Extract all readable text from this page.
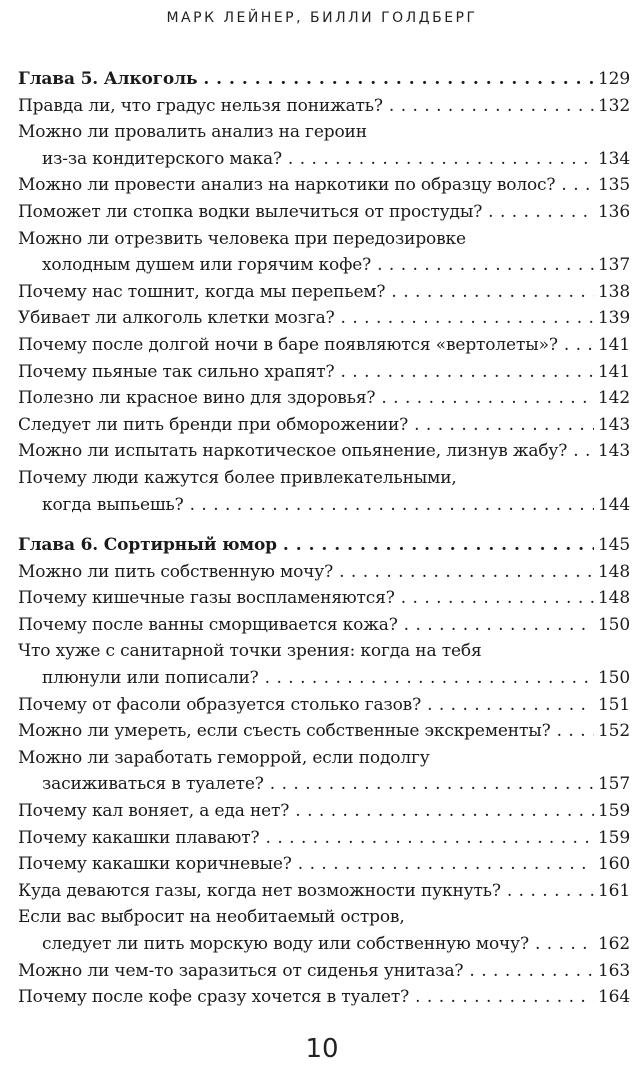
МАРК ЛЕЙНЕР, БИЛЛИ ГОЛДБЕРГ
Глава 5. Алкоголь . . .	129
Правда ли, что градус нельзя понижать? . . .	132
Можно ли провалить анализ на героин
из-за кондитерского мака? . . .	134
Можно ли провести анализ на наркотики по образцу волос? . . .	135
Поможет ли стопка водки вылечиться от простуды? . . .	136
Можно ли отрезвить человека при передозировке
холодным душем или горячим кофе? . . .	137
Почему нас тошнит, когда мы перепьем? . . .	138
Убивает ли алкоголь клетки мозга? . . .	139
Почему после долгой ночи в баре появляются «вертолеты»? . . . 141
Почему пьяные так сильно храпят? . . .	141
Полезно ли красное вино для здоровья? . . .	142
Следует ли пить бренди при обморожении? . . .	143
Можно ли испытать наркотическое опьянение, лизнув жабу? . . . 143
Почему люди кажутся более привлекательными,
когда выпьешь? . . .	144
Глава 6. Сортирный юмор . . .	145
Можно ли пить собственную мочу? . . .	148
Почему кишечные газы воспламеняются? . . .	148
Почему после ванны сморщивается кожа? . . .	150
Что хуже с санитарной точки зрения: когда на тебя
плюнули или пописали? . . .	150
Почему от фасоли образуется столько газов? . . .	151
Можно ли умереть, если съесть собственные экскременты? . . .	152
Можно ли заработать геморрой, если подолгу
засиживаться в туалете? . . .	157
Почему кал воняет, а еда нет? . . .	159
Почему какашки плавают? . . .	159
Почему какашки коричневые? . . .	160
Куда деваются газы, когда нет возможности пукнуть? . . .	161
Если вас выбросит на необитаемый остров,
следует ли пить морскую воду или собственную мочу? . . .	162
Можно ли чем-то заразиться от сиденья унитаза? . . .	163
Почему после кофе сразу хочется в туалет? . . .	164
10
